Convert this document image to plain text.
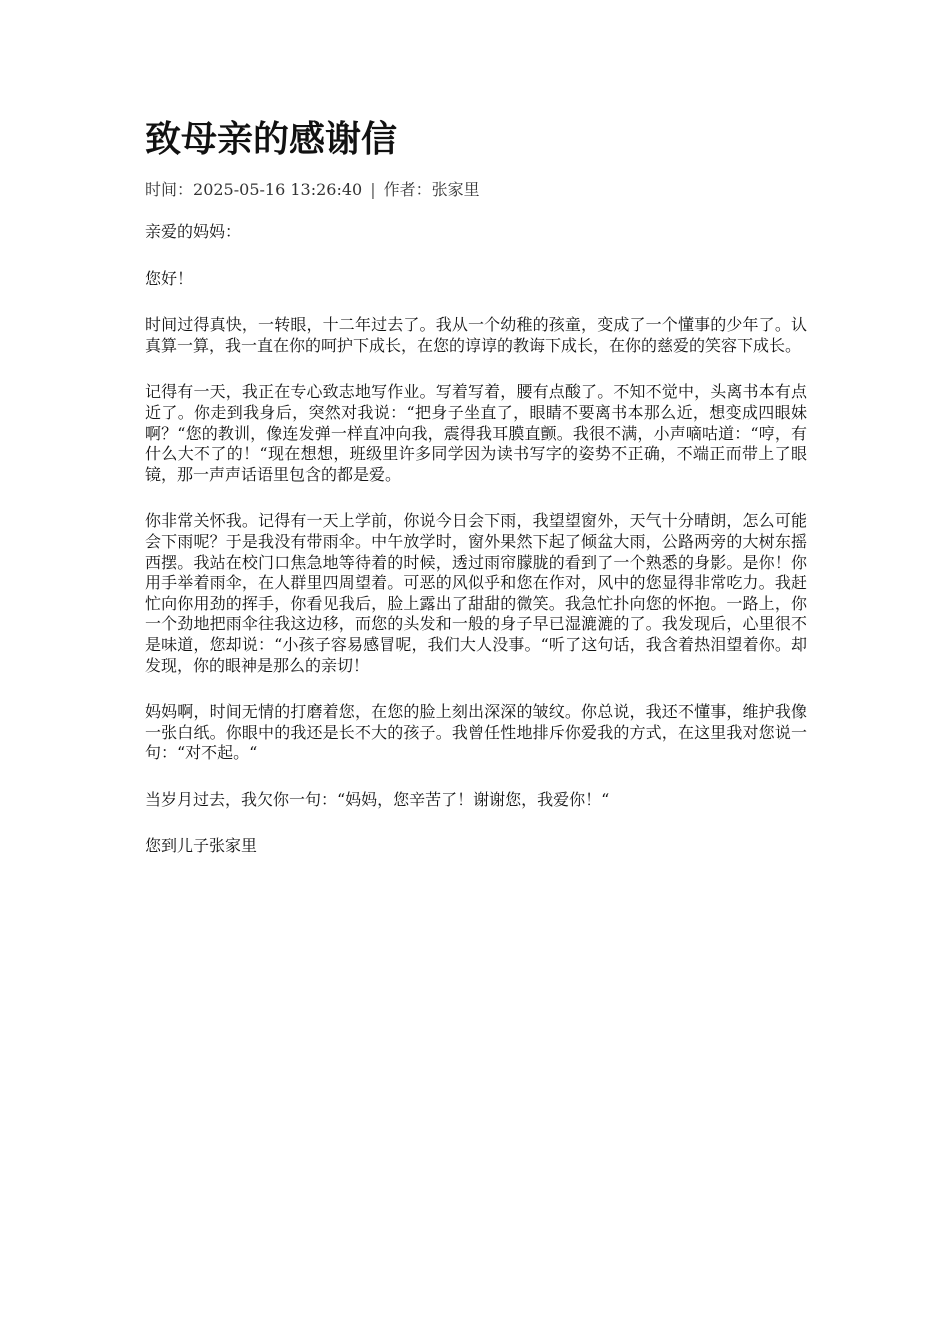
致母亲的感谢信
时间：2025-05-16 13:26:40 | 作者：张家里

亲爱的妈妈：

您好！

时间过得真快，一转眼，十二年过去了。我从一个幼稚的孩童，变成了一个懂事的少年了。认真算一算，我一直在你的呵护下成长，在您的谆谆的教诲下成长，在你的慈爱的笑容下成长。

记得有一天，我正在专心致志地写作业。写着写着，腰有点酸了。不知不觉中，头离书本有点近了。你走到我身后，突然对我说：“把身子坐直了，眼睛不要离书本那么近，想变成四眼妹啊？“您的教训，像连发弹一样直冲向我，震得我耳膜直颤。我很不满，小声嘀咕道：“哼，有什么大不了的！“现在想想，班级里许多同学因为读书写字的姿势不正确，不端正而带上了眼镜，那一声声话语里包含的都是爱。

你非常关怀我。记得有一天上学前，你说今日会下雨，我望望窗外，天气十分晴朗，怎么可能会下雨呢？于是我没有带雨伞。中午放学时，窗外果然下起了倾盆大雨，公路两旁的大树东摇西摆。我站在校门口焦急地等待着的时候，透过雨帘朦胧的看到了一个熟悉的身影。是你！你用手举着雨伞，在人群里四周望着。可恶的风似乎和您在作对，风中的您显得非常吃力。我赶忙向你用劲的挥手，你看见我后，脸上露出了甜甜的微笑。我急忙扑向您的怀抱。一路上，你一个劲地把雨伞往我这边移，而您的头发和一般的身子早已湿漉漉的了。我发现后，心里很不是味道，您却说：“小孩子容易感冒呢，我们大人没事。“听了这句话，我含着热泪望着你。却发现，你的眼神是那么的亲切！

妈妈啊，时间无情的打磨着您，在您的脸上刻出深深的皱纹。你总说，我还不懂事，维护我像一张白纸。你眼中的我还是长不大的孩子。我曾任性地排斥你爱我的方式，在这里我对您说一句：“对不起。“

当岁月过去，我欠你一句：“妈妈，您辛苦了！谢谢您，我爱你！“

您到儿子张家里
